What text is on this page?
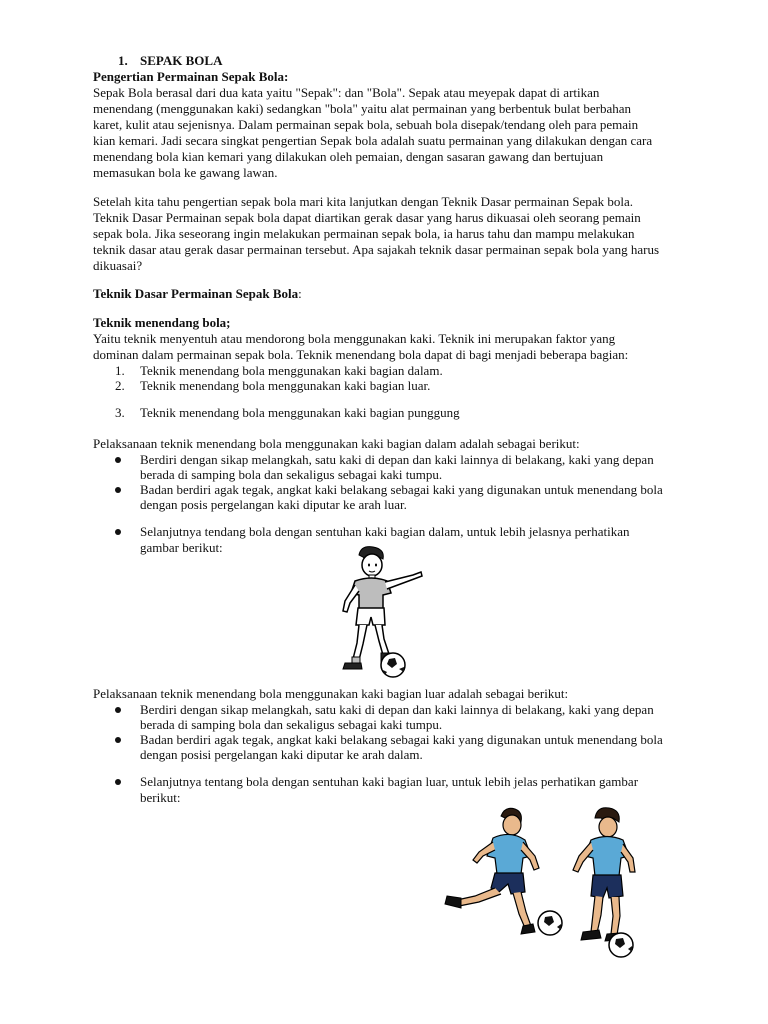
1. SEPAK BOLA
Pengertian Permainan Sepak Bola:
Sepak Bola berasal dari dua kata yaitu "Sepak": dan "Bola". Sepak atau meyepak dapat di artikan
menendang (menggunakan kaki) sedangkan "bola" yaitu alat permainan yang berbentuk bulat berbahan
karet, kulit atau sejenisnya. Dalam permainan sepak bola, sebuah bola disepak/tendang oleh para pemain
kian kemari. Jadi secara singkat pengertian Sepak bola adalah suatu permainan yang dilakukan dengan cara
menendang bola kian kemari yang dilakukan oleh pemaian, dengan sasaran gawang dan bertujuan
memasukan bola ke gawang lawan.
Setelah kita tahu pengertian sepak bola mari kita lanjutkan dengan Teknik Dasar permainan Sepak bola.
Teknik Dasar Permainan sepak bola dapat diartikan gerak dasar yang harus dikuasai oleh seorang pemain
sepak bola. Jika seseorang ingin melakukan permainan sepak bola, ia harus tahu dan mampu melakukan
teknik dasar atau gerak dasar permainan tersebut. Apa sajakah teknik dasar permainan sepak bola yang harus
dikuasai?
Teknik Dasar Permainan Sepak Bola:
Teknik menendang bola;
Yaitu teknik menyentuh atau mendorong bola menggunakan kaki. Teknik ini merupakan faktor yang
dominan dalam permainan sepak bola. Teknik menendang bola dapat di bagi menjadi beberapa bagian:
1. Teknik menendang bola menggunakan kaki bagian dalam.
2. Teknik menendang bola menggunakan kaki bagian luar.
3. Teknik menendang bola menggunakan kaki bagian punggung
Pelaksanaan teknik menendang bola menggunakan kaki bagian dalam adalah sebagai berikut:
Berdiri dengan sikap melangkah, satu kaki di depan dan kaki lainnya di belakang, kaki yang depan
berada di samping bola dan sekaligus sebagai kaki tumpu.
Badan berdiri agak tegak, angkat kaki belakang sebagai kaki yang digunakan untuk menendang bola
dengan posis pergelangan kaki diputar ke arah luar.
Selanjutnya tendang bola dengan sentuhan kaki bagian dalam, untuk lebih jelasnya perhatikan
gambar berikut:
Pelaksanaan teknik menendang bola menggunakan kaki bagian luar adalah sebagai berikut:
Berdiri dengan sikap melangkah, satu kaki di depan dan kaki lainnya di belakang, kaki yang depan
berada di samping bola dan sekaligus sebagai kaki tumpu.
Badan berdiri agak tegak, angkat kaki belakang sebagai kaki yang digunakan untuk menendang bola
dengan posisi pergelangan kaki diputar ke arah dalam.
Selanjutnya tentang bola dengan sentuhan kaki bagian luar, untuk lebih jelas perhatikan gambar
berikut:
